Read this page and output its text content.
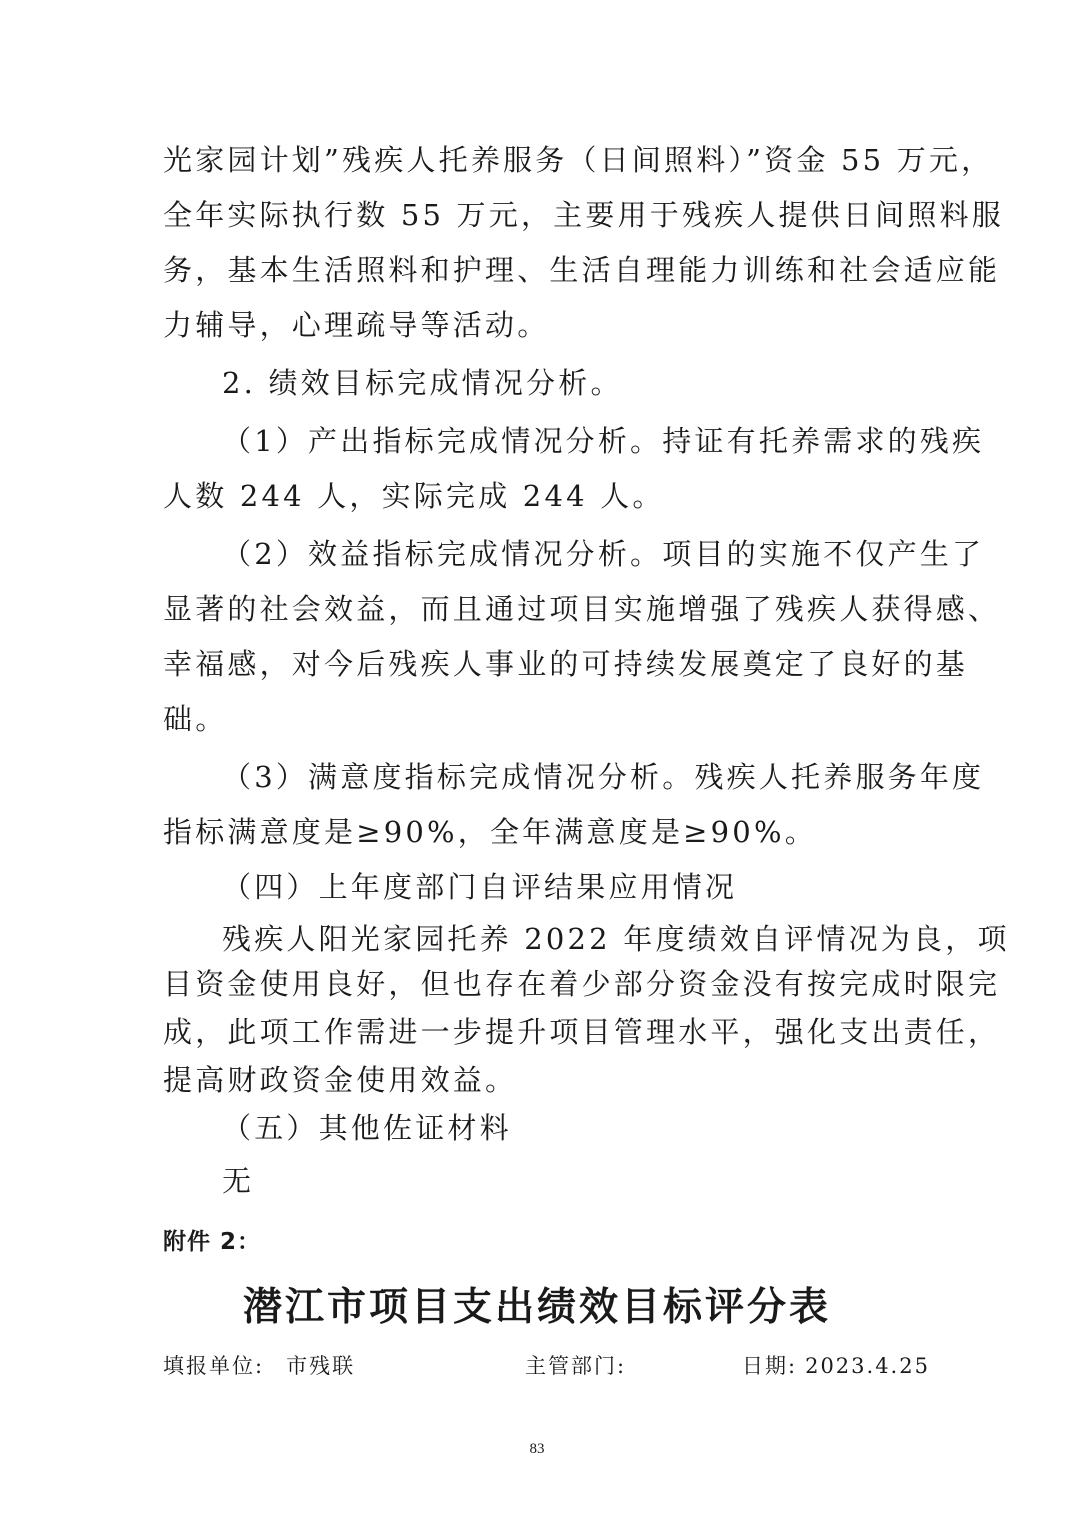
光家园计划”残疾人托养服务（日间照料）”资金 55 万元，
全年实际执行数 55 万元，主要用于残疾人提供日间照料服
务，基本生活照料和护理、生活自理能力训练和社会适应能
力辅导，心理疏导等活动。
2. 绩效目标完成情况分析。
（1）产出指标完成情况分析。持证有托养需求的残疾
人数 244 人，实际完成 244 人。
（2）效益指标完成情况分析。项目的实施不仅产生了
显著的社会效益，而且通过项目实施增强了残疾人获得感、
幸福感，对今后残疾人事业的可持续发展奠定了良好的基
础。
（3）满意度指标完成情况分析。残疾人托养服务年度
指标满意度是≥90%，全年满意度是≥90%。
（四）上年度部门自评结果应用情况
残疾人阳光家园托养 2022 年度绩效自评情况为良，项
目资金使用良好，但也存在着少部分资金没有按完成时限完
成，此项工作需进一步提升项目管理水平，强化支出责任，
提高财政资金使用效益。
（五）其他佐证材料
无
附件 2：
潜江市项目支出绩效目标评分表
填报单位: 市残联	主管部门:	日期: 2023.4.25
83
